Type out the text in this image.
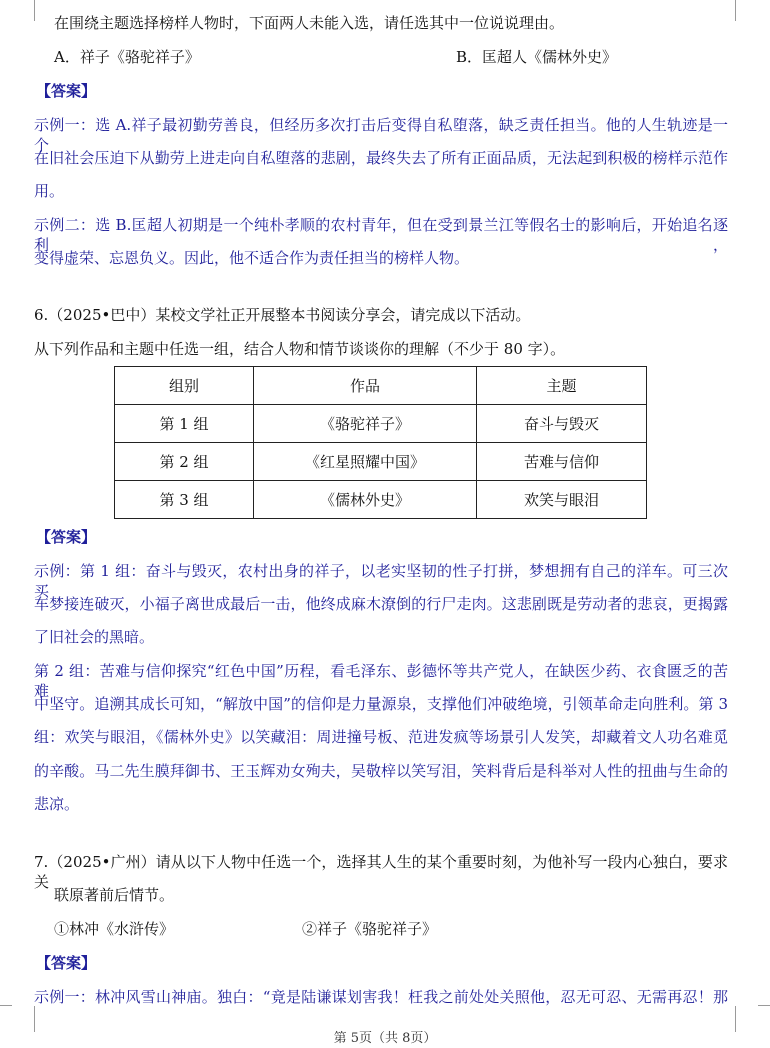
在围绕主题选择榜样人物时，下面两人未能入选，请任选其中一位说说理由。
A．祥子《骆驼祥子》	B．匡超人《儒林外史》
【答案】
示例一：选 A.祥子最初勤劳善良，但经历多次打击后变得自私堕落，缺乏责任担当。他的人生轨迹是一个
在旧社会压迫下从勤劳上进走向自私堕落的悲剧，最终失去了所有正面品质，无法起到积极的榜样示范作
用。
示例二：选 B.匡超人初期是一个纯朴孝顺的农村青年，但在受到景兰江等假名士的影响后，开始追名逐利，
变得虚荣、忘恩负义。因此，他不适合作为责任担当的榜样人物。
6.（2025•巴中）某校文学社正开展整本书阅读分享会，请完成以下活动。
从下列作品和主题中任选一组，结合人物和情节谈谈你的理解（不少于 80 字）。
组别	作品	主题
第 1 组	《骆驼祥子》	奋斗与毁灭
第 2 组	《红星照耀中国》	苦难与信仰
第 3 组	《儒林外史》	欢笑与眼泪
【答案】
示例：第 1 组：奋斗与毁灭，农村出身的祥子，以老实坚韧的性子打拼，梦想拥有自己的洋车。可三次买
车梦接连破灭，小福子离世成最后一击，他终成麻木潦倒的行尸走肉。这悲剧既是劳动者的悲哀，更揭露
了旧社会的黑暗。
第 2 组：苦难与信仰探究“红色中国”历程，看毛泽东、彭德怀等共产党人，在缺医少药、衣食匮乏的苦难
中坚守。追溯其成长可知，“解放中国”的信仰是力量源泉，支撑他们冲破绝境，引领革命走向胜利。第 3
组：欢笑与眼泪，《儒林外史》以笑藏泪：周进撞号板、范进发疯等场景引人发笑，却藏着文人功名难觅
的辛酸。马二先生膜拜御书、王玉辉劝女殉夫，吴敬梓以笑写泪，笑料背后是科举对人性的扭曲与生命的
悲凉。
7.（2025•广州）请从以下人物中任选一个，选择其人生的某个重要时刻，为他补写一段内心独白，要求关
联原著前后情节。
①林冲《水浒传》	②祥子《骆驼祥子》
【答案】
示例一：林冲风雪山神庙。独白：“竟是陆谦谋划害我！枉我之前处处关照他，忍无可忍、无需再忍！那
第 5页（共 8页）
